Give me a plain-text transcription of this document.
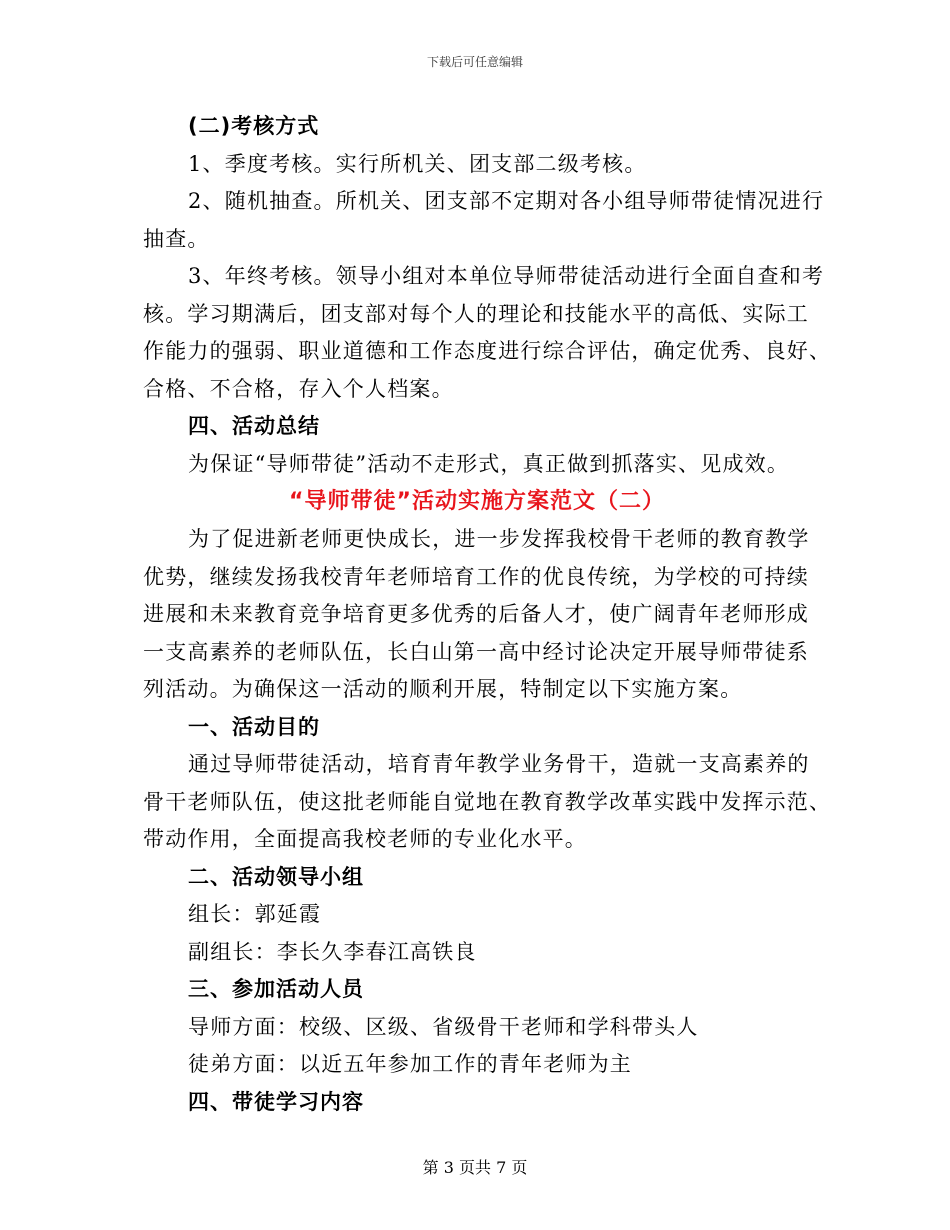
下载后可任意编辑
(二)考核方式
1、季度考核。实行所机关、团支部二级考核。
2、随机抽查。所机关、团支部不定期对各小组导师带徒情况进行
抽查。
3、年终考核。领导小组对本单位导师带徒活动进行全面自查和考
核。学习期满后，团支部对每个人的理论和技能水平的高低、实际工
作能力的强弱、职业道德和工作态度进行综合评估，确定优秀、良好、
合格、不合格，存入个人档案。
四、活动总结
为保证“导师带徒”活动不走形式，真正做到抓落实、见成效。
“导师带徒”活动实施方案范文（二）
为了促进新老师更快成长，进一步发挥我校骨干老师的教育教学
优势，继续发扬我校青年老师培育工作的优良传统，为学校的可持续
进展和未来教育竞争培育更多优秀的后备人才，使广阔青年老师形成
一支高素养的老师队伍，长白山第一高中经讨论决定开展导师带徒系
列活动。为确保这一活动的顺利开展，特制定以下实施方案。
一、活动目的
通过导师带徒活动，培育青年教学业务骨干，造就一支高素养的
骨干老师队伍，使这批老师能自觉地在教育教学改革实践中发挥示范、
带动作用，全面提高我校老师的专业化水平。
二、活动领导小组
组长：郭延霞
副组长：李长久李春江高铁良
三、参加活动人员
导师方面：校级、区级、省级骨干老师和学科带头人
徒弟方面：以近五年参加工作的青年老师为主
四、带徒学习内容
第 3 页共 7 页
